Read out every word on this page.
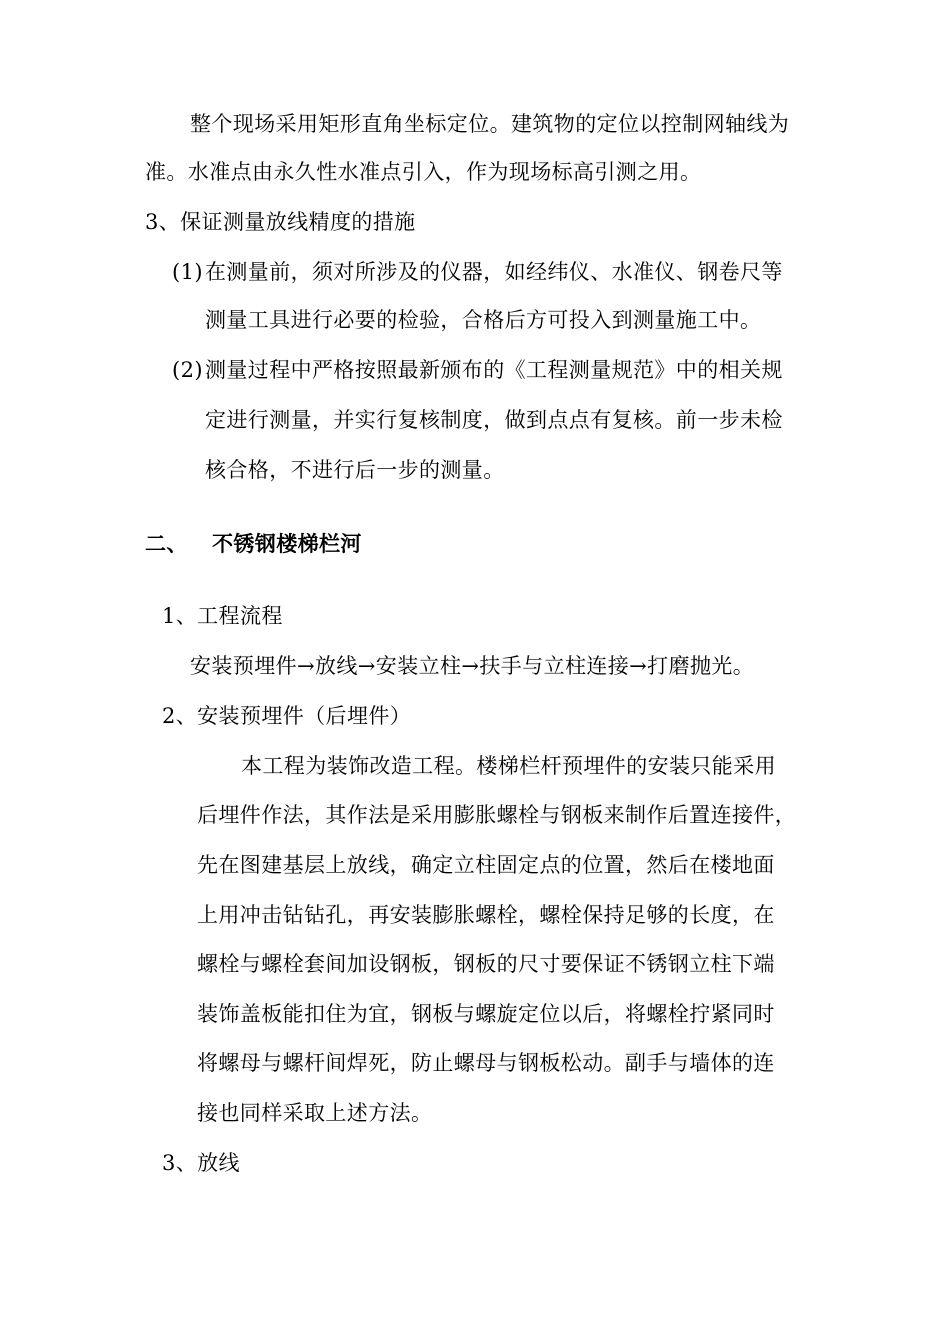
整个现场采用矩形直角坐标定位。建筑物的定位以控制网轴线为
准。水准点由永久性水准点引入，作为现场标高引测之用。
3、保证测量放线精度的措施
(1) 在测量前，须对所涉及的仪器，如经纬仪、水准仪、钢卷尺等
测量工具进行必要的检验，合格后方可投入到测量施工中。
(2) 测量过程中严格按照最新颁布的《工程测量规范》中的相关规
定进行测量，并实行复核制度，做到点点有复核。前一步未检
核合格，不进行后一步的测量。
二、 不锈钢楼梯栏河
1、工程流程
安装预埋件→放线→安装立柱→扶手与立柱连接→打磨抛光。
2、安装预埋件（后埋件）
本工程为装饰改造工程。楼梯栏杆预埋件的安装只能采用
后埋件作法，其作法是采用膨胀螺栓与钢板来制作后置连接件，
先在图建基层上放线，确定立柱固定点的位置，然后在楼地面
上用冲击钻钻孔，再安装膨胀螺栓，螺栓保持足够的长度，在
螺栓与螺栓套间加设钢板，钢板的尺寸要保证不锈钢立柱下端
装饰盖板能扣住为宜，钢板与螺旋定位以后，将螺栓拧紧同时
将螺母与螺杆间焊死，防止螺母与钢板松动。副手与墙体的连
接也同样采取上述方法。
3、放线
